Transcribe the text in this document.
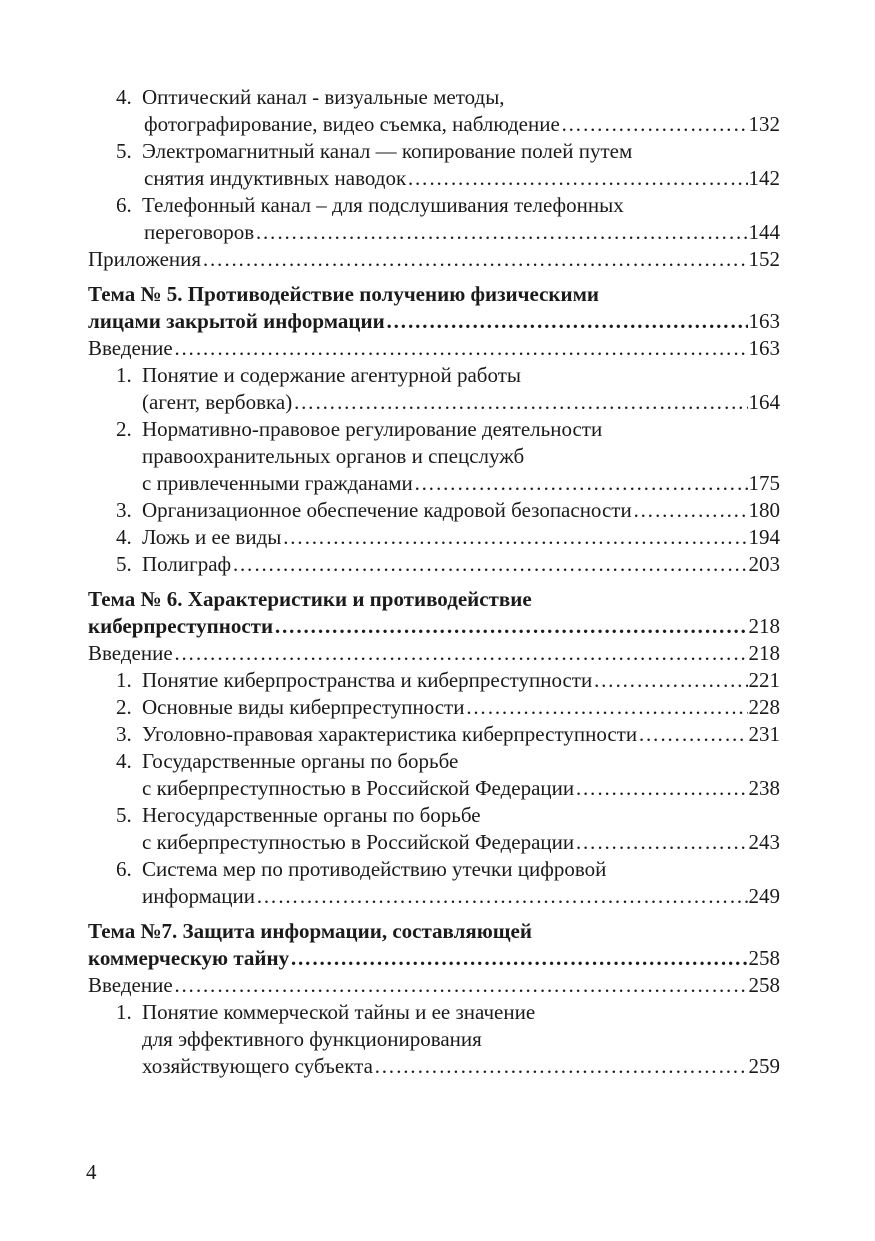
4. Оптический канал - визуальные методы,
фотографирование, видео съемка, наблюдение …………………………………………………………………………………………………………………………………………………………………………	132
5. Электромагнитный канал — копирование полей путем
снятия индуктивных наводок …………………………………………………………………………………………………………………………………………………………………………	142
6. Телефонный канал – для подслушивания телефонных
переговоров …………………………………………………………………………………………………………………………………………………………………………	144
Приложения …………………………………………………………………………………………………………………………………………………………………………	152
Тема № 5. Противодействие получению физическими
лицами закрытой информации …………………………………………………………………………………………………………………………………………………………………………	163
Введение …………………………………………………………………………………………………………………………………………………………………………	163
1. Понятие и содержание агентурной работы
(агент, вербовка) …………………………………………………………………………………………………………………………………………………………………………	164
2. Нормативно-правовое регулирование деятельности
правоохранительных органов и спецслужб
с привлеченными гражданами …………………………………………………………………………………………………………………………………………………………………………	175
3. Организационное обеспечение кадровой безопасности …………………………………………………………………………………………………………………………………………………………………………	180
4. Ложь и ее виды …………………………………………………………………………………………………………………………………………………………………………	194
5. Полиграф …………………………………………………………………………………………………………………………………………………………………………	203
Тема № 6. Характеристики и противодействие
киберпреступности …………………………………………………………………………………………………………………………………………………………………………	218
Введение …………………………………………………………………………………………………………………………………………………………………………	218
1. Понятие киберпространства и киберпреступности …………………………………………………………………………………………………………………………………………………………………………	221
2. Основные виды киберпреступности …………………………………………………………………………………………………………………………………………………………………………	228
3. Уголовно-правовая характеристика киберпреступности …………………………………………………………………………………………………………………………………………………………………………	231
4. Государственные органы по борьбе
с киберпреступностью в Российской Федерации …………………………………………………………………………………………………………………………………………………………………………	238
5. Негосударственные органы по борьбе
с киберпреступностью в Российской Федерации …………………………………………………………………………………………………………………………………………………………………………	243
6. Система мер по противодействию утечки цифровой
информации …………………………………………………………………………………………………………………………………………………………………………	249
Тема №7. Защита информации, составляющей
коммерческую тайну …………………………………………………………………………………………………………………………………………………………………………	258
Введение …………………………………………………………………………………………………………………………………………………………………………	258
1. Понятие коммерческой тайны и ее значение
для эффективного функционирования
хозяйствующего субъекта …………………………………………………………………………………………………………………………………………………………………………	259
4
